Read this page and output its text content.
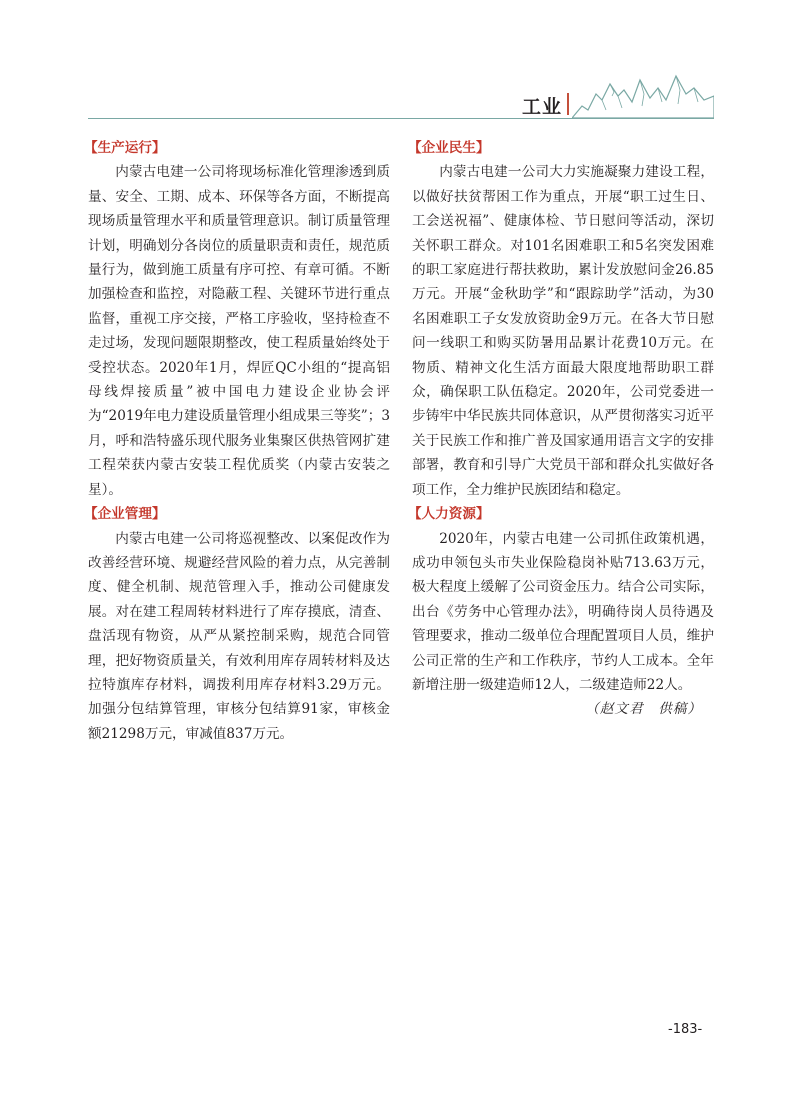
工业
【生产运行】

内蒙古电建一公司将现场标准化管理渗透到质量、安全、工期、成本、环保等各方面，不断提高现场质量管理水平和质量管理意识。制订质量管理计划，明确划分各岗位的质量职责和责任，规范质量行为，做到施工质量有序可控、有章可循。不断加强检查和监控，对隐蔽工程、关键环节进行重点监督，重视工序交接，严格工序验收，坚持检查不走过场，发现问题限期整改，使工程质量始终处于受控状态。2020年1月，焊匠QC小组的“提高铝母线焊接质量”被中国电力建设企业协会评为“2019年电力建设质量管理小组成果三等奖”；3月，呼和浩特盛乐现代服务业集聚区供热管网扩建工程荣获内蒙古安装工程优质奖（内蒙古安装之星）。

【企业管理】

内蒙古电建一公司将巡视整改、以案促改作为改善经营环境、规避经营风险的着力点，从完善制度、健全机制、规范管理入手，推动公司健康发展。对在建工程周转材料进行了库存摸底，清查、盘活现有物资，从严从紧控制采购，规范合同管理，把好物资质量关，有效利用库存周转材料及达拉特旗库存材料，调拨利用库存材料3.29万元。加强分包结算管理，审核分包结算91家，审核金额21298万元，审减值837万元。

【企业民生】

内蒙古电建一公司大力实施凝聚力建设工程，以做好扶贫帮困工作为重点，开展“职工过生日、工会送祝福”、健康体检、节日慰问等活动，深切关怀职工群众。对101名困难职工和5名突发困难的职工家庭进行帮扶救助，累计发放慰问金26.85万元。开展“金秋助学”和“跟踪助学”活动，为30名困难职工子女发放资助金9万元。在各大节日慰问一线职工和购买防暑用品累计花费10万元。在物质、精神文化生活方面最大限度地帮助职工群众，确保职工队伍稳定。2020年，公司党委进一步铸牢中华民族共同体意识，从严贯彻落实习近平关于民族工作和推广普及国家通用语言文字的安排部署，教育和引导广大党员干部和群众扎实做好各项工作，全力维护民族团结和稳定。

【人力资源】

2020年，内蒙古电建一公司抓住政策机遇，成功申领包头市失业保险稳岗补贴713.63万元，极大程度上缓解了公司资金压力。结合公司实际，出台《劳务中心管理办法》，明确待岗人员待遇及管理要求，推动二级单位合理配置项目人员，维护公司正常的生产和工作秩序，节约人工成本。全年新增注册一级建造师12人，二级建造师22人。

（赵文君　供稿）

-183-
